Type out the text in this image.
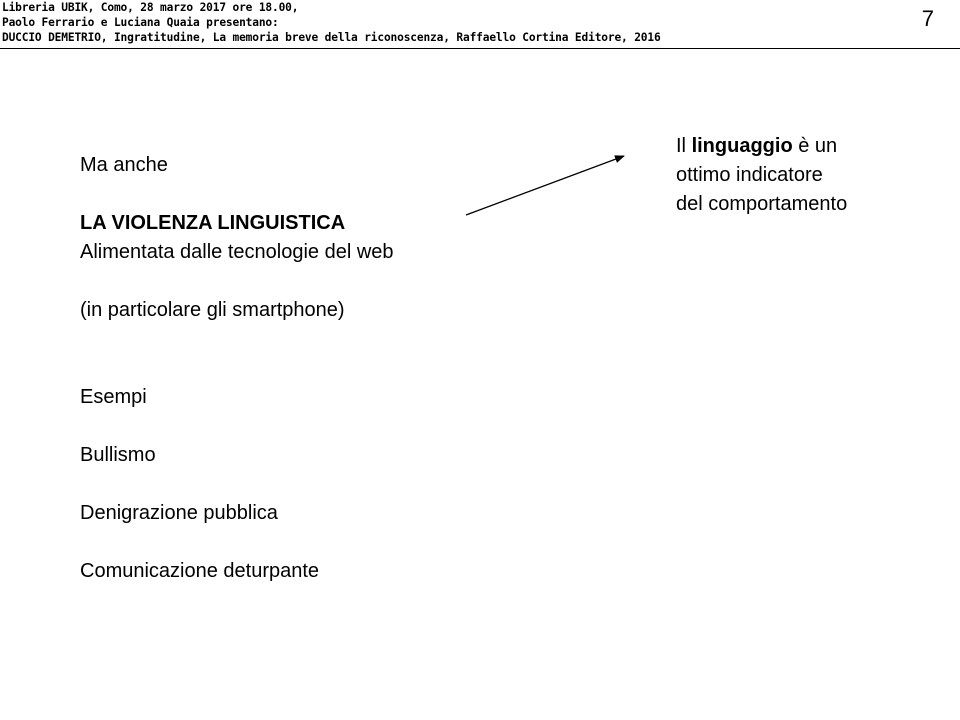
Libreria UBIK, Como, 28 marzo 2017 ore 18.00,
Paolo Ferrario e Luciana Quaia presentano:
DUCCIO DEMETRIO, Ingratitudine, La memoria breve della riconoscenza, Raffaello Cortina Editore, 2016
7
Ma anche
LA VIOLENZA LINGUISTICA
Alimentata dalle tecnologie del web
(in particolare gli smartphone)
Esempi
Bullismo
Denigrazione pubblica
Comunicazione deturpante
Il linguaggio è un
ottimo indicatore
del comportamento
